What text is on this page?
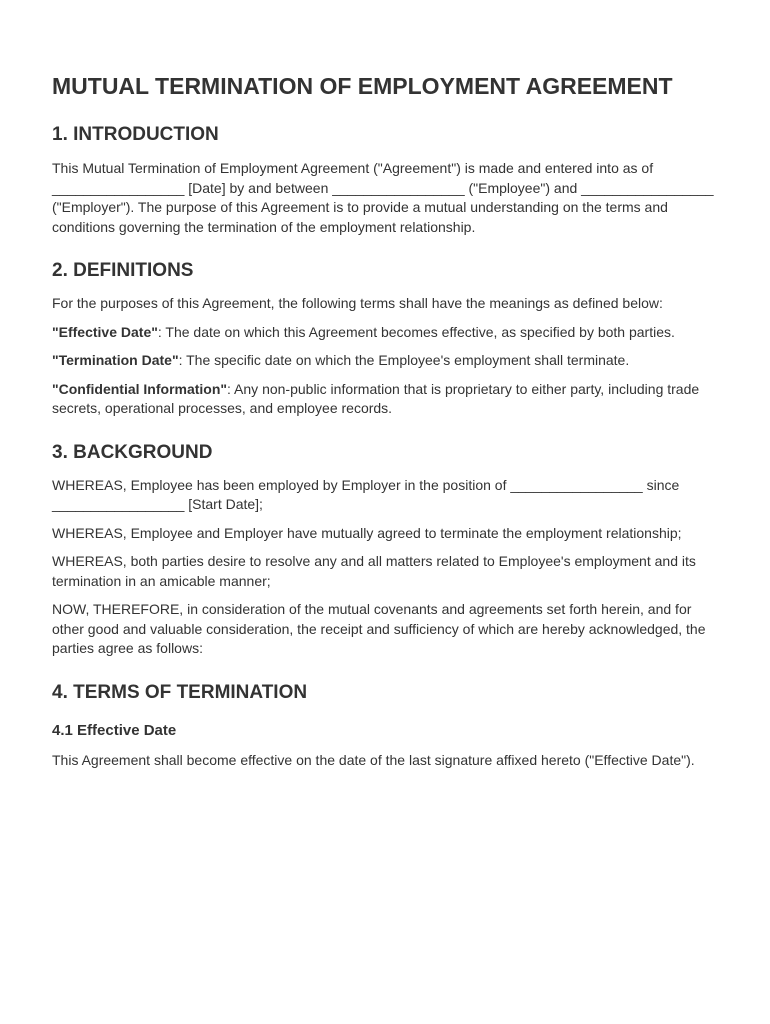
MUTUAL TERMINATION OF EMPLOYMENT AGREEMENT
1. INTRODUCTION

This Mutual Termination of Employment Agreement ("Agreement") is made and entered into as of _________________ [Date] by and between _________________ ("Employee") and _________________ ("Employer"). The purpose of this Agreement is to provide a mutual understanding on the terms and conditions governing the termination of the employment relationship.

2. DEFINITIONS

For the purposes of this Agreement, the following terms shall have the meanings as defined below:

"Effective Date": The date on which this Agreement becomes effective, as specified by both parties.

"Termination Date": The specific date on which the Employee's employment shall terminate.

"Confidential Information": Any non-public information that is proprietary to either party, including trade secrets, operational processes, and employee records.

3. BACKGROUND

WHEREAS, Employee has been employed by Employer in the position of _________________ since _________________ [Start Date];

WHEREAS, Employee and Employer have mutually agreed to terminate the employment relationship;

WHEREAS, both parties desire to resolve any and all matters related to Employee's employment and its termination in an amicable manner;

NOW, THEREFORE, in consideration of the mutual covenants and agreements set forth herein, and for other good and valuable consideration, the receipt and sufficiency of which are hereby acknowledged, the parties agree as follows:

4. TERMS OF TERMINATION
4.1 Effective Date

This Agreement shall become effective on the date of the last signature affixed hereto ("Effective Date").
